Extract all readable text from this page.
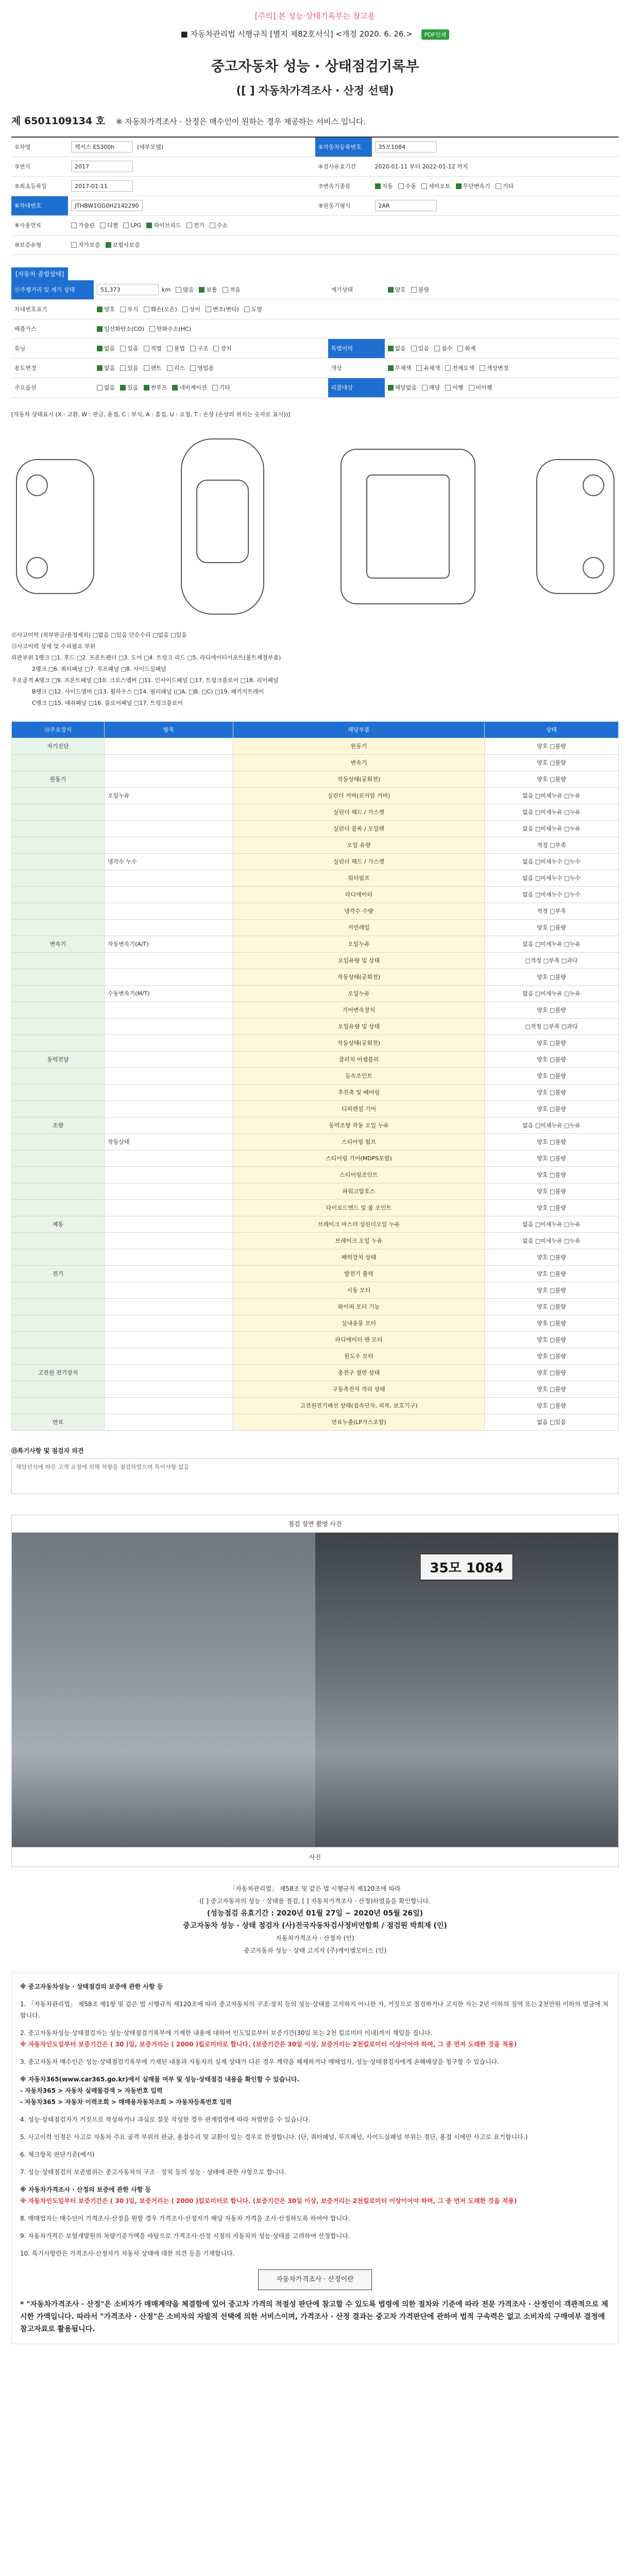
[주의] 본 성능·상태기록부는 참고용
■ 자동차관리법 시행규칙 [별지 제82호서식] <개정 2020. 6. 26.> PDF인쇄
중고자동차 성능 · 상태점검기록부
([ ] 자동차가격조사 · 산정 선택)
제 6501109134 호 ※ 자동차가격조사 · 산정은 매수인이 원하는 경우 제공하는 서비스 입니다.
①차명	렉서스 ES300h	(세부모델)	②자동차등록번호	35모1084
③연식	2017	④검사유효기간	2020-01-11 부터 2022-01-12 까지
⑤최초등록일	2017-01-11	⑦변속기종류	자동 수동 세미오토 무단변속기 기타
⑥차대번호	JTHBW1GG0H2142290	⑨원동기형식	2AR
⑧사용연료	가솔린 디젤 LPG 하이브리드 전기 수소
⑩보증유형	자가보증 보험사보증
[자동차 종합상태]
⑪주행거리 및 계기 상태	51,373	km 많음 보통 적음	계기상태	양호 불량
차대번호표기	양호 부식 훼손(오손) 상이 변조(변타) 도말
배출가스	일산화탄소(CO) 탄화수소(HC)
튜닝	없음 있음 적법 불법 구조 장치	특별이력	없음 있음 침수 화재
용도변경	없음 있음 렌트 리스 영업용	색상	무채색 유채색 전체도색 색상변경
주요옵션	없음 있음 썬루프 네비게이션 기타	리콜대상	해당없음 해당 이행 미이행
[자동차 상태표시 (X : 교환, W : 판금, 용접, C : 부식, A : 흠집, U : 요철, T : 손상 (손상의 위치는 숫자로 표시))]
⑫사고이력 (외부판금/용접제외) □없음 □있음 단순수리 □없음 □있음
⑬사고이력 상세 및 수리필요 부위
외판부위 1랭크 □1. 후드 □2. 프론트펜더 □3. 도어 □4. 트렁크 리드 □5. 라디에이터서포트(볼트체결부품)
2랭크 □6. 쿼터패널 □7. 루프패널 □8. 사이드실패널
주요골격 A랭크 □9. 프론트패널 □10. 크로스멤버 □11. 인사이드패널 □17. 트렁크플로어 □18. 리어패널
B랭크 □12. 사이드멤버 □13. 휠하우스 □14. 필러패널 (□A, □B, □C) □19. 패키지트레이
C랭크 □15. 대쉬패널 □16. 플로어패널 □17. 트렁크플로어
⑭주요장치	항목	해당부품	상태
자기진단		원동기	양호 □불량
		변속기	양호 □불량
원동기		작동상태(공회전)	양호 □불량
	오일누유	실린더 커버(로커암 커버)	없음 □미세누유 □누유
		실린더 헤드 / 가스켓	없음 □미세누유 □누유
		실린더 블록 / 오일팬	없음 □미세누유 □누유
		오일 유량	적정 □부족
	냉각수 누수	실린더 헤드 / 가스켓	없음 □미세누수 □누수
		워터펌프	없음 □미세누수 □누수
		라디에이터	없음 □미세누수 □누수
		냉각수 수량	적정 □부족
		커먼레일	양호 □불량
변속기	자동변속기(A/T)	오일누유	없음 □미세누유 □누유
		오일유량 및 상태	□적정 □부족 □과다
		작동상태(공회전)	양호 □불량
	수동변속기(M/T)	오일누유	없음 □미세누유 □누유
		기어변속장치	양호 □불량
		오일유량 및 상태	□적정 □부족 □과다
		작동상태(공회전)	양호 □불량
동력전달		클러치 어셈블리	양호 □불량
		등속조인트	양호 □불량
		추진축 및 베어링	양호 □불량
		디퍼렌셜 기어	양호 □불량
조향		동력조향 작동 오일 누유	없음 □미세누유 □누유
	작동상태	스티어링 펌프	양호 □불량
		스티어링 기어(MDPS포함)	양호 □불량
		스티어링조인트	양호 □불량
		파워고압호스	양호 □불량
		타이로드엔드 및 볼 조인트	양호 □불량
제동		브레이크 마스터 실린더오일 누유	없음 □미세누유 □누유
		브레이크 오일 누유	없음 □미세누유 □누유
		배력장치 상태	양호 □불량
전기		발전기 출력	양호 □불량
		시동 모터	양호 □불량
		와이퍼 모터 기능	양호 □불량
		실내송풍 모터	양호 □불량
		라디에이터 팬 모터	양호 □불량
		윈도우 모터	양호 □불량
고전원 전기장치		충전구 절연 상태	양호 □불량
		구동축전지 격리 상태	양호 □불량
		고전원전기배선 상태(접속단자, 피복, 보호기구)	양호 □불량
연료		연료누출(LP가스포함)	없음 □있음
⑮특기사항 및 점검자 의견
해당년식에 따른 고객 요청에 의해 차량을 점검하였으며 특이사항 없음
점검 장면 촬영 사진
35모 1084
사진
「자동차관리법」 제58조 및 같은 법 시행규칙 제120조에 따라
([ ] 중고자동차의 성능 · 상태를 점검, [ ] 자동차가격조사 · 산정)하였음을 확인합니다.
(성능점검 유효기간 : 2020년 01월 27일 ~ 2020년 05월 26일)
중고자동차 성능 · 상태 점검자 (사)전국자동차검사정비연합회 / 점검원 박희재 (인)
자동차가격조사 · 산정자 (인)
중고자동차 성능 · 상태 고지자 (주)케이엠모터스 (인)
※ 중고자동차성능 · 상태점검의 보증에 관한 사항 등
1. 「자동차관리법」 제58조 제1항 및 같은 법 시행규칙 제120조에 따라 중고자동차의 구조·장치 등의 성능·상태를 고지하지 아니한 자, 거짓으로 점검하거나 고지한 자는 2년 이하의 징역 또는 2천만원 이하의 벌금에 처합니다.
2. 중고자동차성능·상태점검자는 성능·상태점검기록부에 기재한 내용에 대하여 인도일로부터 보증기간(30일 또는 2천 킬로미터 이내)까지 책임을 집니다.
※ 자동차인도일부터 보증기간은 ( 30 )일, 보증거리는 ( 2000 )킬로미터로 합니다. (보증기간은 30일 이상, 보증거리는 2천킬로미터 이상이어야 하며, 그 중 먼저 도래한 것을 적용)
3. 중고자동차 매수인은 성능·상태점검기록부에 기재된 내용과 자동차의 실제 상태가 다른 경우 계약을 해제하거나 매매업자, 성능·상태점검자에게 손해배상을 청구할 수 있습니다.
※ 자동차365(www.car365.go.kr)에서 실매물 여부 및 성능·상태점검 내용을 확인할 수 있습니다.
- 자동차365 > 자동차 실매물검색 > 자동번호 입력
- 자동차365 > 자동차 이력조회 > 매매용자동차조회 > 자동차등록번호 입력
4. 성능·상태점검자가 거짓으로 작성하거나 과실로 잘못 작성한 경우 관계법령에 따라 처벌받을 수 있습니다.
5. 사고이력 인정은 사고로 자동차 주요 골격 부위의 판금, 용접수리 및 교환이 있는 경우로 한정합니다. (단, 쿼터패널, 루프패널, 사이드실패널 부위는 절단, 용접 시에만 사고로 표기합니다.)
6. 체크항목 판단기준(예시)
7. 성능·상태점검의 보증범위는 중고자동차의 구조 · 장치 등의 성능 · 상태에 관한 사항으로 합니다.
※ 자동차가격조사 · 산정의 보증에 관한 사항 등
※ 자동차인도일부터 보증기간은 ( 30 )일, 보증거리는 ( 2000 )킬로미터로 합니다. (보증기간은 30일 이상, 보증거리는 2천킬로미터 이상이어야 하며, 그 중 먼저 도래한 것을 적용)
8. 매매업자는 매수인이 가격조사·산정을 원할 경우 가격조사·산정자가 해당 자동차 가격을 조사·산정하도록 하여야 합니다.
9. 자동차가격은 보험개발원의 차량기준가액을 바탕으로 가격조사·산정 시점의 자동차의 성능·상태를 고려하여 산정합니다.
10. 특기사항란은 가격조사·산정자가 자동차 상태에 대한 의견 등을 기재합니다.
자동차가격조사 · 산정이란
* "자동차가격조사 · 산정"은 소비자가 매매계약을 체결함에 있어 중고차 가격의 적절성 판단에 참고할 수 있도록 법령에 의한 절차와 기준에 따라 전문 가격조사 · 산정인이 객관적으로 제시한 가액입니다. 따라서 "가격조사 · 산정"은 소비자의 자발적 선택에 의한 서비스이며, 가격조사 · 산정 결과는 중고차 가격판단에 관하여 법적 구속력은 없고 소비자의 구매여부 결정에 참고자료로 활용됩니다.
